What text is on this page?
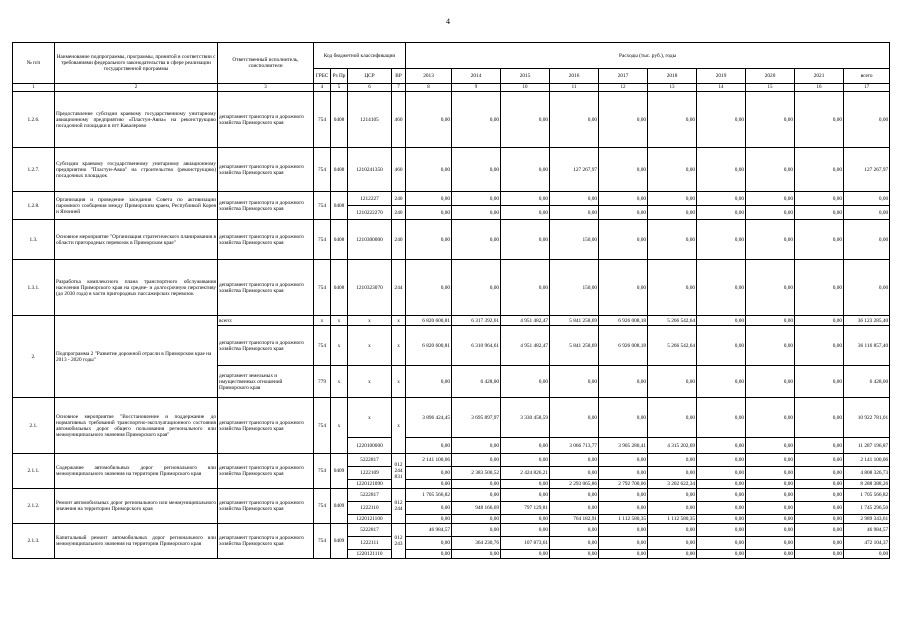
4
№ п/п	Наименование подпрограммы, программы, принятой в соответствии с требованиями федерального законодательства в сфере реализации государственной программы	Ответственный исполнитель, соисполнители	Код бюджетной классификации				Расходы (тыс. руб.), годы									
			ГРБС	Рз Пр	ЦСР	ВР	2013	2014	2015	2016	2017	2018	2019	2020	2021	всего
1	2	3	4	5	6	7	8	9	10	11	12	13	14	15	16	17
1.2.6.	Предоставление субсидии краевому государственному унитарному авиационному предприятию «Пластун-Авиа» на реконструкцию посадочной площадки в пгт Кавалерово	департамент транспорта и дорожного хозяйства Приморского края	754	0408	1214105	460	0,00	0,00	0,00	0,00	0,00	0,00	0,00	0,00	0,00	0,00
1.2.7.	Субсидии краевому государственному унитарному авиационному предприятию "Пластун-Авиа" на строительство (реконструкцию) посадочных площадок	департамент транспорта и дорожного хозяйства Приморского края	754	0408	1210241350	460	0,00	0,00	0,00	127 267,97	0,00	0,00	0,00	0,00	0,00	127 267,97
1.2.8.	Организация и проведение заседания Совета по активизации паромного сообщения между Приморским краем, Республикой Корея и Японией	департамент транспорта и дорожного хозяйства Приморского края	754	0408	1212227	240	0,00	0,00	0,00	0,00	0,00	0,00	0,00	0,00	0,00	0,00
					1210222270	240	0,00	0,00	0,00	0,00	0,00	0,00	0,00	0,00	0,00	0,00
1.3.	Основное мероприятие "Организация стратегического планирования в области пригородных перевозок в Приморском крае"	департамент транспорта и дорожного хозяйства Приморского края	754	0408	1210300000	240	0,00	0,00	0,00	150,00	0,00	0,00	0,00	0,00	0,00	0,00
1.3.1.	Разработка комплексного плана транспортного обслуживания населения Приморского края на средне- и долгосрочную перспективу (до 2030 года) в части пригородных пассажирских перевозок	департамент транспорта и дорожного хозяйства Приморского края	754	0408	1210323070	244	0,00	0,00	0,00	150,00	0,00	0,00	0,00	0,00	0,00	0,00
2.	Подпрограмма 2 "Развитие дорожной отрасли в Приморском крае на 2013 - 2020 годы"	всего:	x	x	x	x	6 820 600,81	6 317 392,61	4 951 482,47	5 841 258,69	6 926 008,18	5 266 542,64	0,00	0,00	0,00	36 123 285,40
		департамент транспорта и дорожного хозяйства Приморского края	754	x	x	x	6 820 600,81	6 310 964,61	4 951 482,47	5 841 258,69	6 926 008,18	5 266 542,64	0,00	0,00	0,00	36 116 857,40
		департамент земельных и имущественных отношений Приморского края	779	x	x	x	0,00	6 428,00	0,00	0,00	0,00	0,00	0,00	0,00	0,00	6 428,00
2.1.	Основное мероприятие "Восстановление и поддержание до нормативных требований транспортно-эксплуатационного состояния автомобильных дорог общего пользования регионального или межмуниципального значения Приморского края"	департамент транспорта и дорожного хозяйства Приморского края	754	x	x	x	3 896 424,45	3 695 897,97	3 330 458,59	0,00	0,00	0,00	0,00	0,00	0,00	10 922 781,01
					1220100000		0,00	0,00	0,00	3 066 713,77	3 905 280,41	4 315 202,69	0,00	0,00	0,00	11 287 196,87
2.1.1.	Содержание автомобильных дорог регионального или межмуниципального значения на территории Приморского края	департамент транспорта и дорожного хозяйства Приморского края	754	0409	5222817	012 244 831	2 141 100,06	0,00	0,00	0,00	0,00	0,00	0,00	0,00	0,00	2 141 100,06
					1222109		0,00	2 383 500,52	2 424 826,21	0,00	0,00	0,00	0,00	0,00	0,00	4 808 326,73
					1220121090		0,00	0,00	0,00	2 293 065,86	2 792 700,06	3 202 622,34	0,00	0,00	0,00	8 288 388,26
2.1.2.	Ремонт автомобильных дорог регионального или межмуниципального значения на территории Приморского края	департамент транспорта и дорожного хозяйства Приморского края	754	0409	5222817	012 244	1 705 566,82	0,00	0,00	0,00	0,00	0,00	0,00	0,00	0,00	1 705 566,82
					1222110		0,00	948 166,69	797 129,81	0,00	0,00	0,00	0,00	0,00	0,00	1 745 296,50
					1220121100		0,00	0,00	0,00	764 182,91	1 112 580,35	1 112 580,35	0,00	0,00	0,00	2 989 343,61
2.1.3.	Капитальный ремонт автомобильных дорог регионального или межмуниципального значения на территории Приморского края	департамент транспорта и дорожного хозяйства Приморского края	754	0409	5222817	012 243	46 984,57	0,00	0,00	0,00	0,00	0,00	0,00	0,00	0,00	46 984,57
					1222111		0,00	364 230,76	107 873,61	0,00	0,00	0,00	0,00	0,00	0,00	472 104,37
					1220121110		0,00	0,00	0,00	0,00	0,00	0,00	0,00	0,00	0,00	0,00
